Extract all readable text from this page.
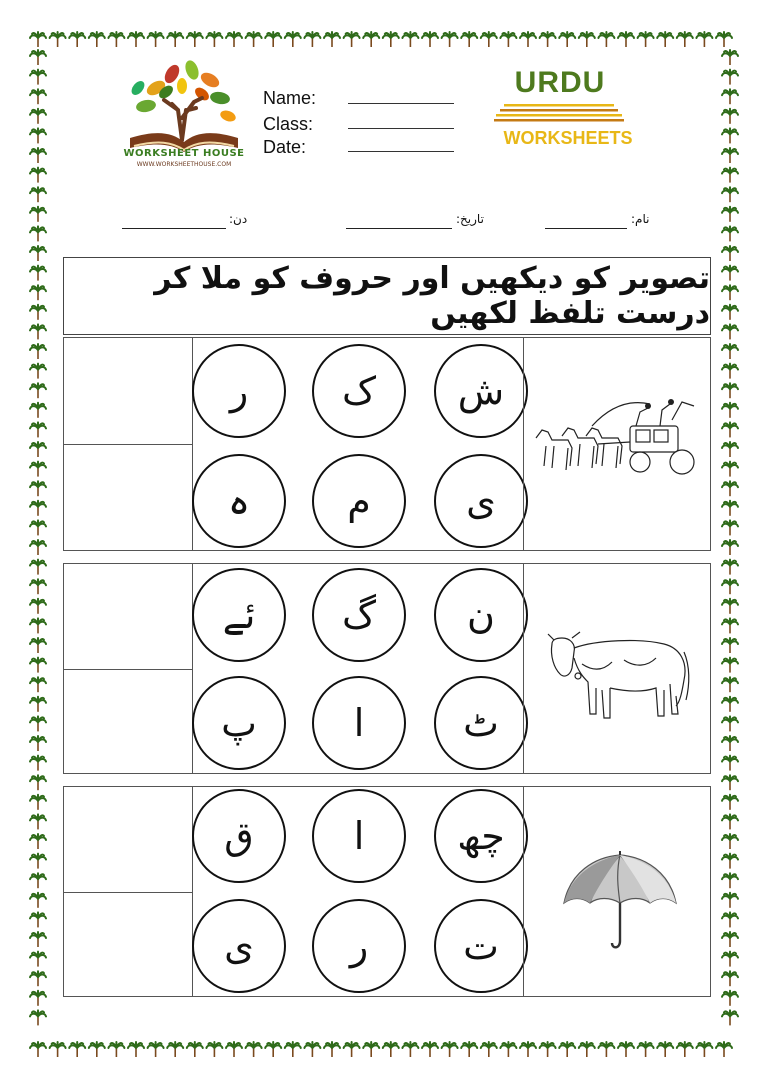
WORKSHEET HOUSE
WWW.WORKSHEETHOUSE.COM
Name:
Class:
Date:
URDU
WORKSHEETS
نام:
تاریخ:
دن:
تصویر کو دیکھیں اور حروف کو ملا کر درست تلفظ لکھیں
ر	ک	ش
ہ	م	ی
ئے	گ	ن
پ	ا	ٹ
ق	ا	چھ
ی	ر	ت
